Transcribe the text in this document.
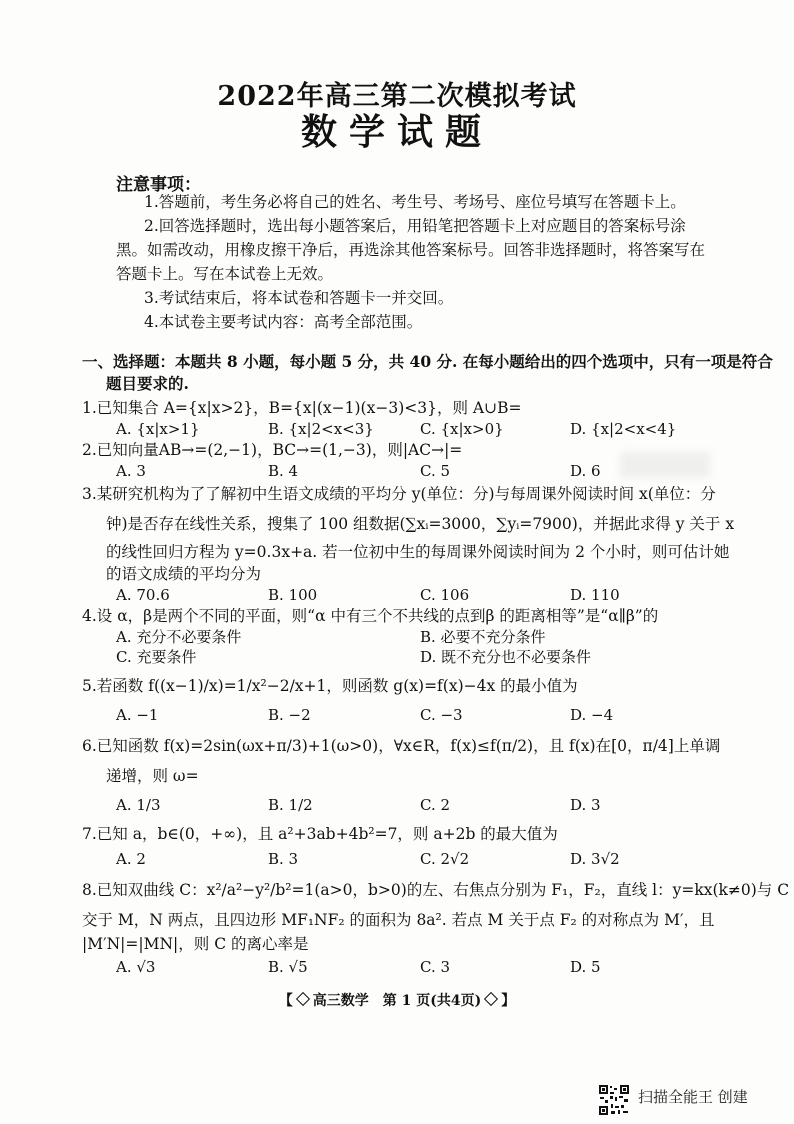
2022年高三第二次模拟考试
数学试题
注意事项：
1.答题前，考生务必将自己的姓名、考生号、考场号、座位号填写在答题卡上。
2.回答选择题时，选出每小题答案后，用铅笔把答题卡上对应题目的答案标号涂
黑。如需改动，用橡皮擦干净后，再选涂其他答案标号。回答非选择题时，将答案写在
答题卡上。写在本试卷上无效。
3.考试结束后，将本试卷和答题卡一并交回。
4.本试卷主要考试内容：高考全部范围。
一、选择题：本题共 8 小题，每小题 5 分，共 40 分. 在每小题给出的四个选项中，只有一项是符合
题目要求的.
1.已知集合 A={x|x>2}，B={x|(x−1)(x−3)<3}，则 A∪B=
A. {x|x>1}	B. {x|2<x<3}	C. {x|x>0}	D. {x|2<x<4}
2.已知向量AB→=(2,−1)，BC→=(1,−3)，则|AC→|=
A. 3	B. 4	C. 5	D. 6
3.某研究机构为了了解初中生语文成绩的平均分 y(单位：分)与每周课外阅读时间 x(单位：分
钟)是否存在线性关系，搜集了 100 组数据(∑xᵢ=3000，∑yᵢ=7900)，并据此求得 y 关于 x
的线性回归方程为 y=0.3x+a. 若一位初中生的每周课外阅读时间为 2 个小时，则可估计她
的语文成绩的平均分为
A. 70.6	B. 100	C. 106	D. 110
4.设 α，β是两个不同的平面，则“α 中有三个不共线的点到β 的距离相等”是“α∥β”的
A. 充分不必要条件	B. 必要不充分条件
C. 充要条件	D. 既不充分也不必要条件
5.若函数 f((x−1)/x)=1/x²−2/x+1，则函数 g(x)=f(x)−4x 的最小值为
A. −1	B. −2	C. −3	D. −4
6.已知函数 f(x)=2sin(ωx+π/3)+1(ω>0)，∀x∈R，f(x)≤f(π/2)，且 f(x)在[0，π/4]上单调
递增，则 ω=
A. 1/3	B. 1/2	C. 2	D. 3
7.已知 a，b∈(0，+∞)，且 a²+3ab+4b²=7，则 a+2b 的最大值为
A. 2	B. 3	C. 2√2	D. 3√2
8.已知双曲线 C：x²/a²−y²/b²=1(a>0，b>0)的左、右焦点分别为 F₁，F₂，直线 l：y=kx(k≠0)与 C
交于 M，N 两点，且四边形 MF₁NF₂ 的面积为 8a². 若点 M 关于点 F₂ 的对称点为 M′，且
|M′N|=|MN|，则 C 的离心率是
A. √3	B. √5	C. 3	D. 5
【 高三数学　第 1 页(共4页) 】
扫描全能王 创建
